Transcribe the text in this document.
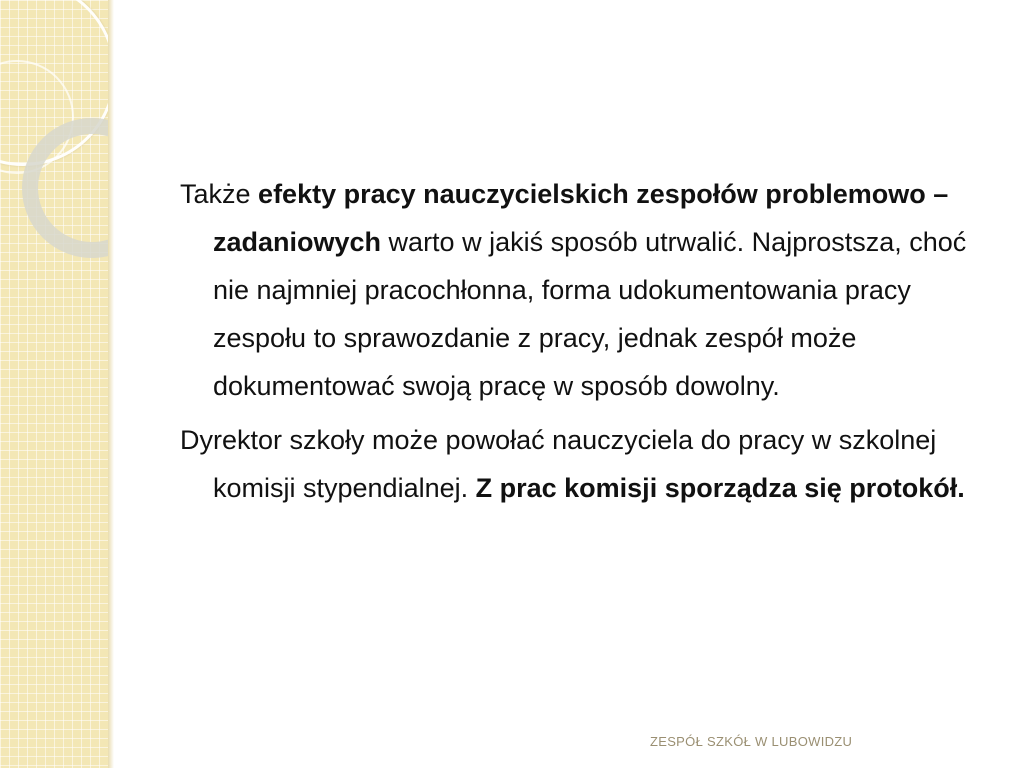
Także efekty pracy nauczycielskich zespołów problemowo – zadaniowych warto w jakiś sposób utrwalić. Najprostsza, choć nie najmniej pracochłonna, forma udokumentowania pracy zespołu to sprawozdanie z pracy, jednak zespół może dokumentować swoją pracę w sposób dowolny.

Dyrektor szkoły może powołać nauczyciela do pracy w szkolnej komisji stypendialnej. Z prac komisji sporządza się protokół.

ZESPÓŁ SZKÓŁ W LUBOWIDZU
